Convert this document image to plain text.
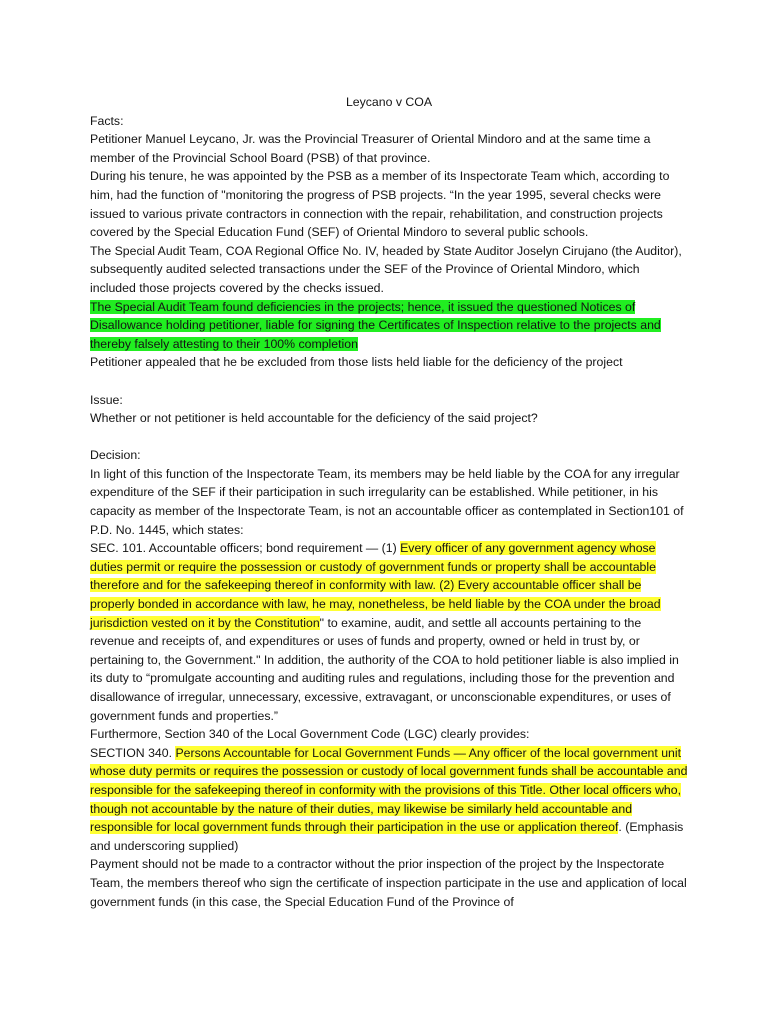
Leycano v COA

Facts:

Petitioner Manuel Leycano, Jr. was the Provincial Treasurer of Oriental Mindoro and at the same time a member of the Provincial School Board (PSB) of that province.

During his tenure, he was appointed by the PSB as a member of its Inspectorate Team which, according to him, had the function of "monitoring the progress of PSB projects. “In the year 1995, several checks were issued to various private contractors in connection with the repair, rehabilitation, and construction projects covered by the Special Education Fund (SEF) of Oriental Mindoro to several public schools.

The Special Audit Team, COA Regional Office No. IV, headed by State Auditor Joselyn Cirujano (the Auditor), subsequently audited selected transactions under the SEF of the Province of Oriental Mindoro, which included those projects covered by the checks issued.

The Special Audit Team found deficiencies in the projects; hence, it issued the questioned Notices of Disallowance holding petitioner, liable for signing the Certificates of Inspection relative to the projects and thereby falsely attesting to their 100% completion

Petitioner appealed that he be excluded from those lists held liable for the deficiency of the project

Issue:

Whether or not petitioner is held accountable for the deficiency of the said project?

Decision:

In light of this function of the Inspectorate Team, its members may be held liable by the COA for any irregular expenditure of the SEF if their participation in such irregularity can be established. While petitioner, in his capacity as member of the Inspectorate Team, is not an accountable officer as contemplated in Section101 of P.D. No. 1445, which states:

SEC. 101. Accountable officers; bond requirement — (1) Every officer of any government agency whose duties permit or require the possession or custody of government funds or property shall be accountable therefore and for the safekeeping thereof in conformity with law. (2) Every accountable officer shall be properly bonded in accordance with law, he may, nonetheless, be held liable by the COA under the broad jurisdiction vested on it by the Constitution" to examine, audit, and settle all accounts pertaining to the revenue and receipts of, and expenditures or uses of funds and property, owned or held in trust by, or pertaining to, the Government." In addition, the authority of the COA to hold petitioner liable is also implied in its duty to “promulgate accounting and auditing rules and regulations, including those for the prevention and disallowance of irregular, unnecessary, excessive, extravagant, or unconscionable expenditures, or uses of government funds and properties.”

Furthermore, Section 340 of the Local Government Code (LGC) clearly provides:

SECTION 340. Persons Accountable for Local Government Funds — Any officer of the local government unit whose duty permits or requires the possession or custody of local government funds shall be accountable and responsible for the safekeeping thereof in conformity with the provisions of this Title. Other local officers who, though not accountable by the nature of their duties, may likewise be similarly held accountable and responsible for local government funds through their participation in the use or application thereof. (Emphasis and underscoring supplied)

Payment should not be made to a contractor without the prior inspection of the project by the Inspectorate Team, the members thereof who sign the certificate of inspection participate in the use and application of local government funds (in this case, the Special Education Fund of the Province of
